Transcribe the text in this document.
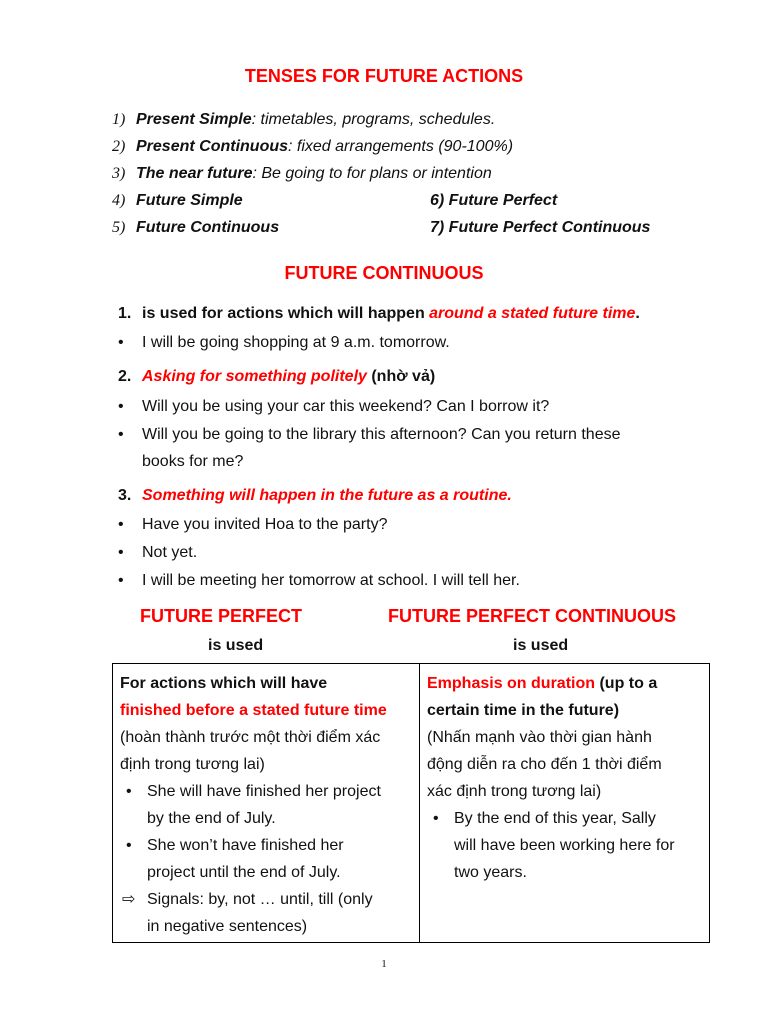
TENSES FOR FUTURE ACTIONS
1) Present Simple: timetables, programs, schedules.
2) Present Continuous: fixed arrangements (90-100%)
3) The near future: Be going to for plans or intention
4) Future Simple	6) Future Perfect
5) Future Continuous	7) Future Perfect Continuous
FUTURE CONTINUOUS
1. is used for actions which will happen around a stated future time.
• I will be going shopping at 9 a.m. tomorrow.
2. Asking for something politely (nhờ vả)
• Will you be using your car this weekend? Can I borrow it?
• Will you be going to the library this afternoon? Can you return these
books for me?
3. Something will happen in the future as a routine.
• Have you invited Hoa to the party?
• Not yet.
• I will be meeting her tomorrow at school. I will tell her.
FUTURE PERFECT	FUTURE PERFECT CONTINUOUS
is used	is used
For actions which will have
finished before a stated future time
(hoàn thành trước một thời điểm xác
định trong tương lai)
• She will have finished her project
by the end of July.
• She won’t have finished her
project until the end of July.
⇨ Signals: by, not … until, till (only
in negative sentences)
Emphasis on duration (up to a
certain time in the future)
(Nhấn mạnh vào thời gian hành
động diễn ra cho đến 1 thời điểm
xác định trong tương lai)
• By the end of this year, Sally
will have been working here for
two years.
1
